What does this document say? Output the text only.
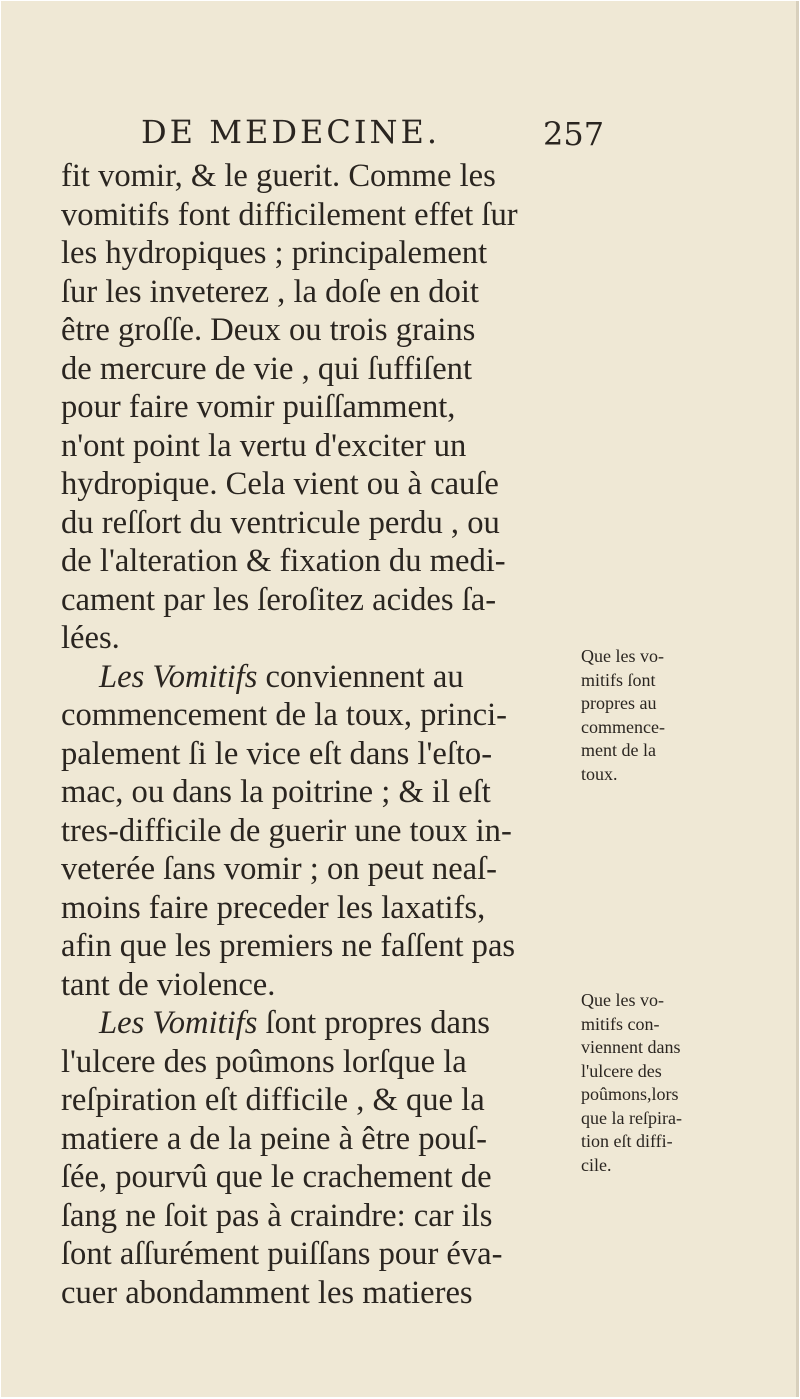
DE MEDECINE.	257
fit vomir, & le guerit. Comme les
vomitifs font difficilement effet ſur
les hydropiques ; principalement
ſur les inveterez , la doſe en doit
être groſſe. Deux ou trois grains
de mercure de vie , qui ſuffiſent
pour faire vomir puiſſamment,
n'ont point la vertu d'exciter un
hydropique. Cela vient ou à cauſe
du reſſort du ventricule perdu , ou
de l'alteration & fixation du medi-
cament par les ſeroſitez acides ſa-
lées.
Les Vomitifs conviennent au
commencement de la toux, princi-
palement ſi le vice eſt dans l'eſto-
mac, ou dans la poitrine ; & il eſt
tres-difficile de guerir une toux in-
veterée ſans vomir ; on peut neaſ-
moins faire preceder les laxatifs,
afin que les premiers ne faſſent pas
tant de violence.
Les Vomitifs ſont propres dans
l'ulcere des poûmons lorſque la
reſpiration eſt difficile , & que la
matiere a de la peine à être pouſ-
ſée, pourvû que le crachement de
ſang ne ſoit pas à craindre: car ils
ſont aſſurément puiſſans pour éva-
cuer abondamment les matieres
Que les vo-
mitifs ſont
propres au
commence-
ment de la
toux.
Que les vo-
mitifs con-
viennent dans
l'ulcere des
poûmons,lors
que la reſpira-
tion eſt diffi-
cile.
